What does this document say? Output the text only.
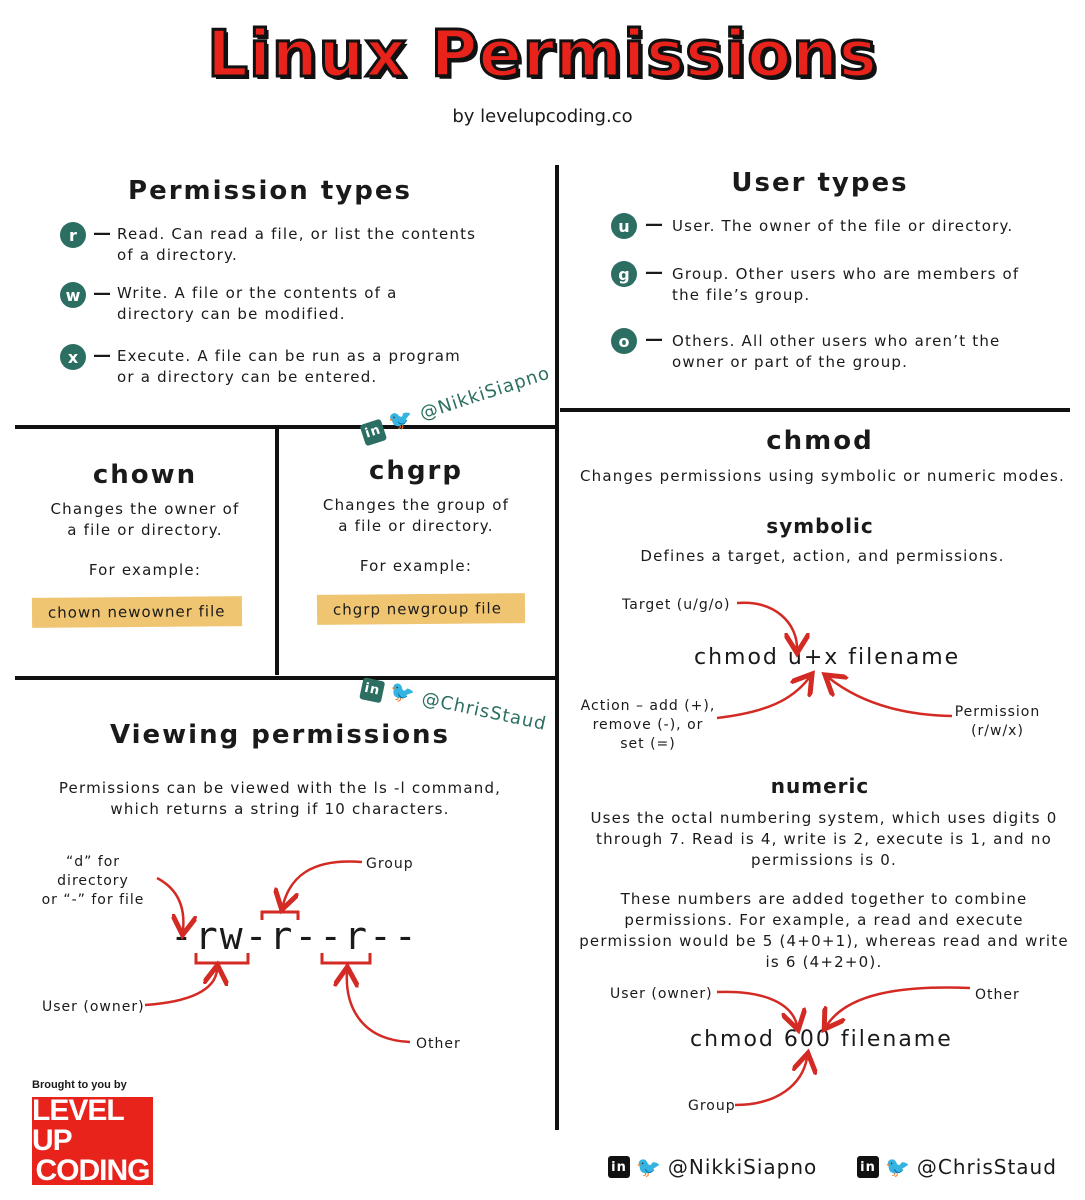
Linux Permissions
by levelupcoding.co
Permission types
r — Read. Can read a file, or list the contents
of a directory.
w — Write. A file or the contents of a
directory can be modified.
x — Execute. A file can be run as a program
or a directory can be entered.
User types
u — User. The owner of the file or directory.
g — Group. Other users who are members of
the file’s group.
o — Others. All other users who aren’t the
owner or part of the group.
in 🐦 @NikkiSiapno
chown
Changes the owner of
a file or directory.
For example:
chown newowner file
chgrp
Changes the group of
a file or directory.
For example:
chgrp newgroup file
in 🐦 @ChrisStaud
Viewing permissions
Permissions can be viewed with the ls -l command,
which returns a string if 10 characters.
“d” for directory
or “-” for file
Group
-rw-r--r--
User (owner)
Other
chmod
Changes permissions using symbolic or numeric modes.
symbolic
Defines a target, action, and permissions.
Target (u/g/o)
chmod u+x filename
Action – add (+),
remove (-), or
set (=)
Permission
(r/w/x)
numeric
Uses the octal numbering system, which uses digits 0
through 7. Read is 4, write is 2, execute is 1, and no
permissions is 0.
These numbers are added together to combine
permissions. For example, a read and execute
permission would be 5 (4+0+1), whereas read and write
is 6 (4+2+0).
User (owner)	Other
chmod 600 filename
Group
Brought to you by
LEVEL UP
CODING	in 🐦 @NikkiSiapno	in 🐦 @ChrisStaud
